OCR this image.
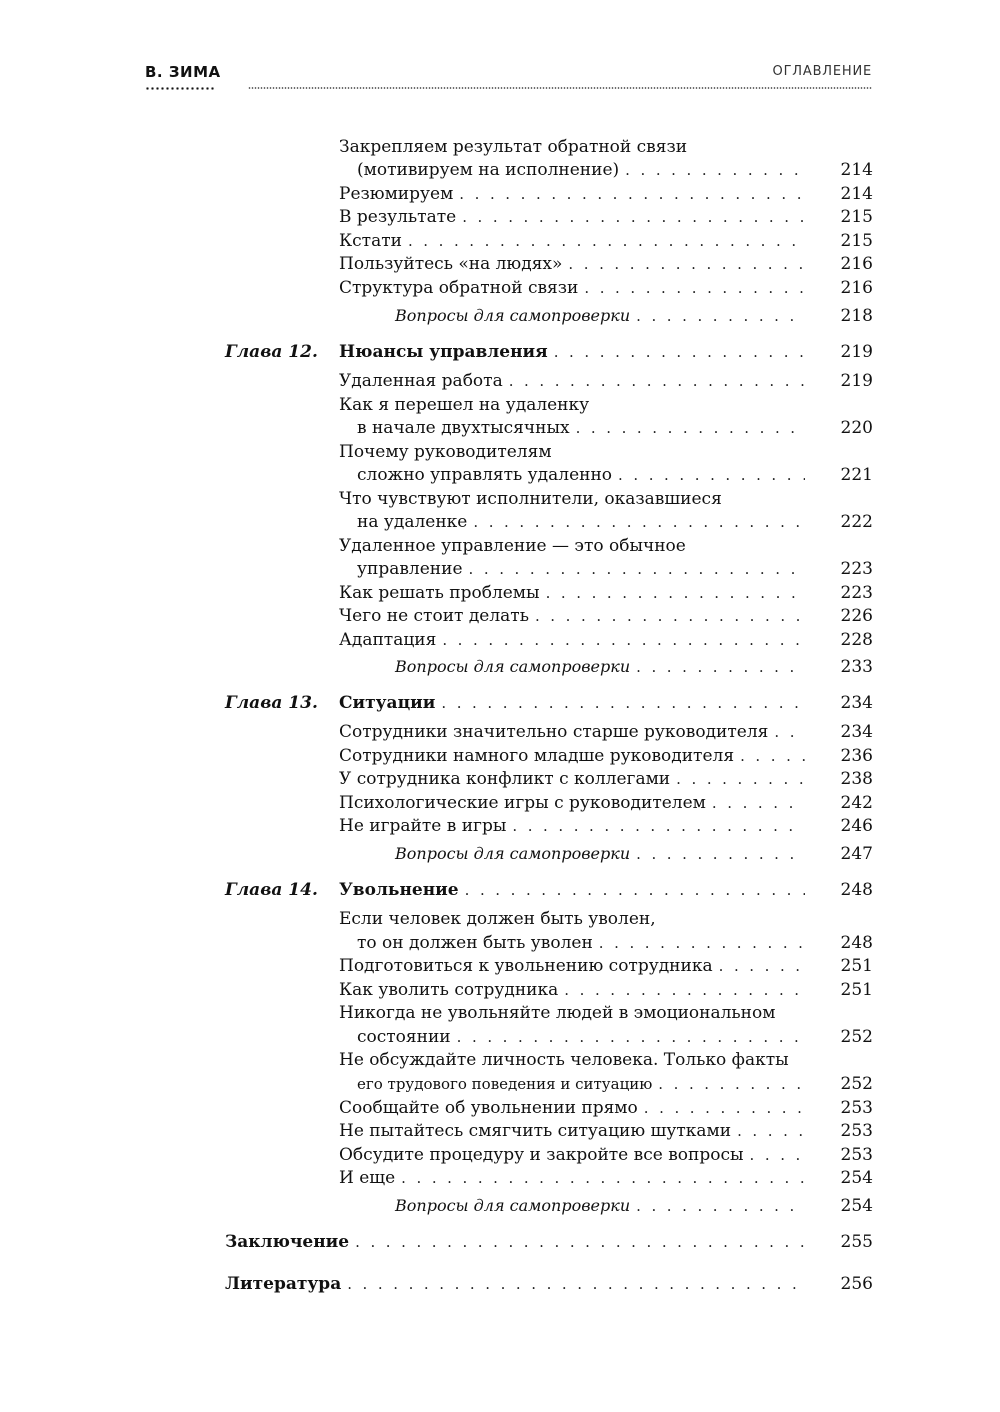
В. ЗИМА	ОГЛАВЛЕНИЕ
Закрепляем результат обратной связи
(мотивируем на исполнение) . . .	214
Резюмируем . . .	214
В результате . . .	215
Кстати . . .	215
Пользуйтесь «на людях» . . .	216
Структура обратной связи . . .	216
Вопросы для самопроверки . . .	218
Глава 12. Нюансы управления . . .	219
Удаленная работа . . .	219
Как я перешел на удаленку
в начале двухтысячных . . .	220
Почему руководителям
сложно управлять удаленно . . .	221
Что чувствуют исполнители, оказавшиеся
на удаленке . . .	222
Удаленное управление — это обычное
управление . . .	223
Как решать проблемы . . .	223
Чего не стоит делать . . .	226
Адаптация . . .	228
Вопросы для самопроверки . . .	233
Глава 13. Ситуации . . .	234
Сотрудники значительно старше руководителя . . .	234
Сотрудники намного младше руководителя . . .	236
У сотрудника конфликт с коллегами . . .	238
Психологические игры с руководителем . . .	242
Не играйте в игры . . .	246
Вопросы для самопроверки . . .	247
Глава 14. Увольнение . . .	248
Если человек должен быть уволен,
то он должен быть уволен . . .	248
Подготовиться к увольнению сотрудника . . .	251
Как уволить сотрудника . . .	251
Никогда не увольняйте людей в эмоциональном
состоянии . . .	252
Не обсуждайте личность человека. Только факты
его трудового поведения и ситуацию . . .	252
Сообщайте об увольнении прямо . . .	253
Не пытайтесь смягчить ситуацию шутками . . .	253
Обсудите процедуру и закройте все вопросы . . .	253
И еще . . .	254
Вопросы для самопроверки . . .	254
Заключение . . .	255
Литература . . .	256
